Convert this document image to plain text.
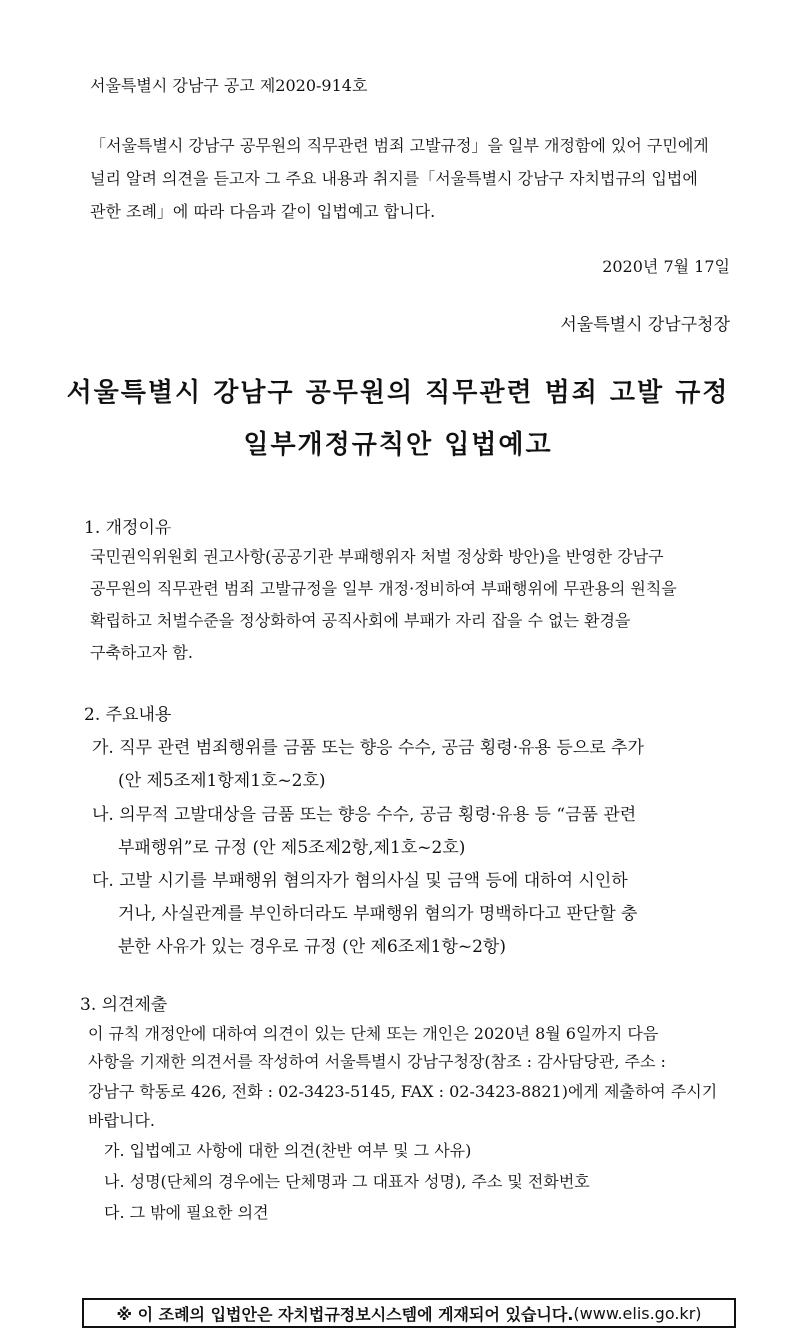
서울특별시 강남구 공고 제2020-914호
「서울특별시 강남구 공무원의 직무관련 범죄 고발규정」을 일부 개정함에 있어 구민에게
널리 알려 의견을 듣고자 그 주요 내용과 취지를「서울특별시 강남구 자치법규의 입법에
관한 조례」에 따라 다음과 같이 입법예고 합니다.
2020년 7월 17일
서울특별시 강남구청장
서울특별시 강남구 공무원의 직무관련 범죄 고발 규정
일부개정규칙안 입법예고
1. 개정이유
국민권익위원회 권고사항(공공기관 부패행위자 처벌 정상화 방안)을 반영한 강남구
공무원의 직무관련 범죄 고발규정을 일부 개정·정비하여 부패행위에 무관용의 원칙을
확립하고 처벌수준을 정상화하여 공직사회에 부패가 자리 잡을 수 없는 환경을
구축하고자 함.
2. 주요내용
가. 직무 관련 범죄행위를 금품 또는 향응 수수, 공금 횡령·유용 등으로 추가
(안 제5조제1항제1호~2호)
나. 의무적 고발대상을 금품 또는 향응 수수, 공금 횡령·유용 등 “금품 관련
부패행위”로 규정 (안 제5조제2항,제1호~2호)
다. 고발 시기를 부패행위 혐의자가 혐의사실 및 금액 등에 대하여 시인하
거나, 사실관계를 부인하더라도 부패행위 혐의가 명백하다고 판단할 충
분한 사유가 있는 경우로 규정 (안 제6조제1항~2항)
3. 의견제출
이 규칙 개정안에 대하여 의견이 있는 단체 또는 개인은 2020년 8월 6일까지 다음
사항을 기재한 의견서를 작성하여 서울특별시 강남구청장(참조 : 감사담당관, 주소 :
강남구 학동로 426, 전화 : 02-3423-5145, FAX : 02-3423-8821)에게 제출하여 주시기
바랍니다.
가. 입법예고 사항에 대한 의견(찬반 여부 및 그 사유)
나. 성명(단체의 경우에는 단체명과 그 대표자 성명), 주소 및 전화번호
다. 그 밖에 필요한 의견
※ 이 조례의 입법안은 자치법규정보시스템에 게재되어 있습니다. (www.elis.go.kr)
